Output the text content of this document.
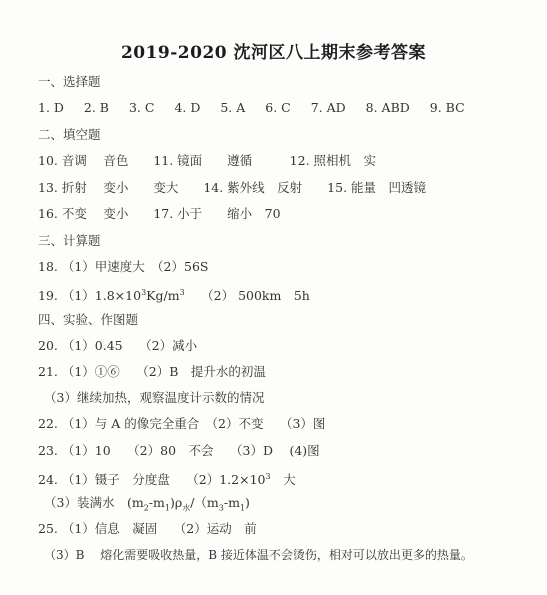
2019-2020 沈河区八上期末参考答案
一、选择题
1. D 2. B 3. C 4. D 5. A 6. C 7. AD 8. ABD 9. BC
二、填空题
10. 音调　 音色　　11. 镜面　　遵循　　　12. 照相机　实
13. 折射　 变小　　变大　　14. 紫外线　反射　　15. 能量　凹透镜
16. 不变　 变小　　17. 小于　　缩小　70
三、计算题
18. （1）甲速度大　（2）56S
19. $(1)1.8\times 10^3Kg/m^3$　 （2） 500km　5h
四、实验、作图题
20. （1）0.45　 （2）减小
21. （1）①⑥　 （2）B　提升水的初温
（3）继续加热，观察温度计示数的情况
22. （1）与 A 的像完全重合　（2）不变　 （3）图
23. （1）10　 （2）80　不会　 （3）D　 (4)图
24. （1）镊子　分度盘　 $(2)1.2\times 10^3$　大
（3）装满水　$(m_2-m_1)\rho_水/(m_3-m_1)$
25. （1）信息　凝固　 （2）运动　前
（3）B　 熔化需要吸收热量，B 接近体温不会烫伤，相对可以放出更多的热量。
